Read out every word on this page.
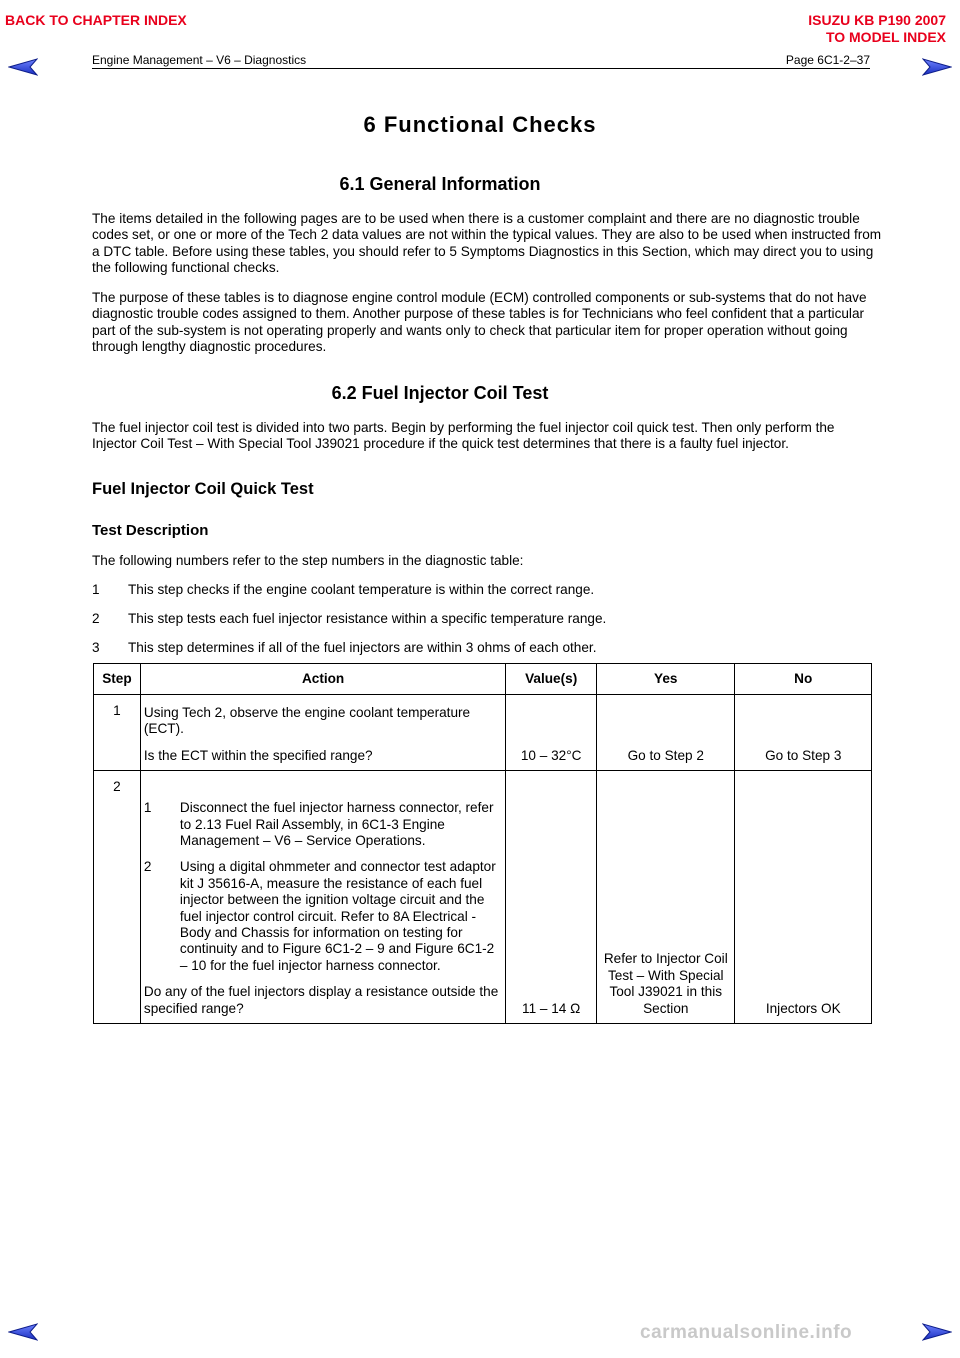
BACK TO CHAPTER INDEX	ISUZU KB P190 2007
TO MODEL INDEX
Engine Management – V6 – Diagnostics	Page 6C1-2–37
6 Functional Checks
6.1 General Information

The items detailed in the following pages are to be used when there is a customer complaint and there are no diagnostic trouble codes set, or one or more of the Tech 2 data values are not within the typical values. They are also to be used when instructed from a DTC table. Before using these tables, you should refer to 5 Symptoms Diagnostics in this Section, which may direct you to using the following functional checks.

The purpose of these tables is to diagnose engine control module (ECM) controlled components or sub-systems that do not have diagnostic trouble codes assigned to them. Another purpose of these tables is for Technicians who feel confident that a particular part of the sub-system is not operating properly and wants only to check that particular item for proper operation without going through lengthy diagnostic procedures.

6.2 Fuel Injector Coil Test

The fuel injector coil test is divided into two parts. Begin by performing the fuel injector coil quick test. Then only perform the Injector Coil Test – With Special Tool J39021 procedure if the quick test determines that there is a faulty fuel injector.

Fuel Injector Coil Quick Test
Test Description
The following numbers refer to the step numbers in the diagnostic table:
1 This step checks if the engine coolant temperature is within the correct range.
2 This step tests each fuel injector resistance within a specific temperature range.
3 This step determines if all of the fuel injectors are within 3 ohms of each other.
Step	Action	Value(s)	Yes	No
1	Using Tech 2, observe the engine coolant temperature (ECT).

Is the ECT within the specified range?	10 – 32°C	Go to Step 2	Go to Step 3
2	1 Disconnect the fuel injector harness connector, refer to 2.13 Fuel Rail Assembly, in 6C1-3 Engine Management – V6 – Service Operations.
2 Using a digital ohmmeter and connector test adaptor kit J 35616-A, measure the resistance of each fuel injector between the ignition voltage circuit and the fuel injector control circuit. Refer to 8A Electrical - Body and Chassis for information on testing for continuity and to Figure 6C1-2 – 9 and Figure 6C1-2 – 10 for the fuel injector harness connector.

Do any of the fuel injectors display a resistance outside the specified range?	11 – 14 Ω	Refer to Injector Coil Test – With Special Tool J39021 in this Section	Injectors OK
carmanualsonline.info
